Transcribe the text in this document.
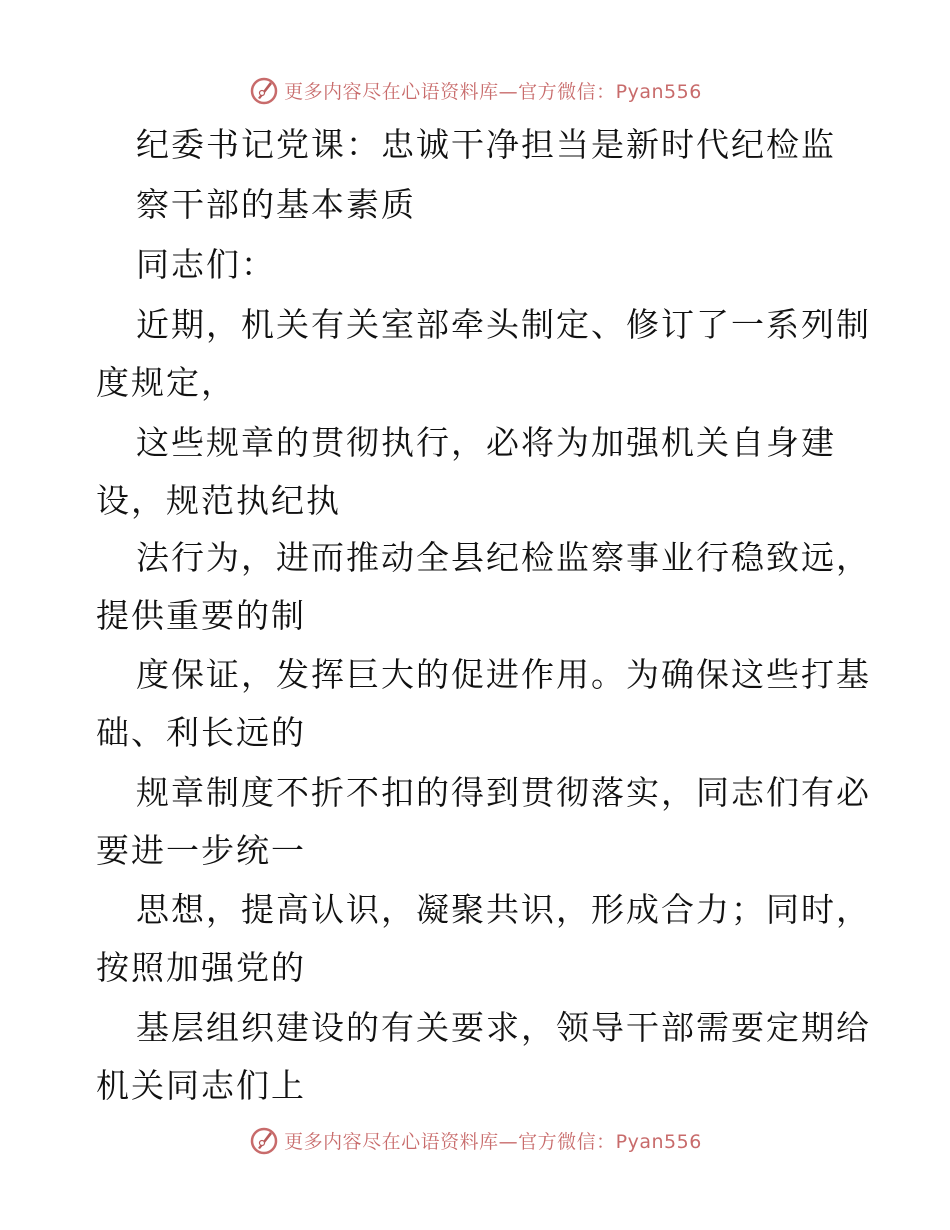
更多内容尽在心语资料库—官方微信：Pyan556
纪委书记党课：忠诚干净担当是新时代纪检监
察干部的基本素质
同志们：
近期，机关有关室部牵头制定、修订了一系列制
度规定，
这些规章的贯彻执行，必将为加强机关自身建
设，规范执纪执
法行为，进而推动全县纪检监察事业行稳致远，
提供重要的制
度保证，发挥巨大的促进作用。为确保这些打基
础、利长远的
规章制度不折不扣的得到贯彻落实，同志们有必
要进一步统一
思想，提高认识，凝聚共识，形成合力；同时，
按照加强党的
基层组织建设的有关要求，领导干部需要定期给
机关同志们上
更多内容尽在心语资料库—官方微信：Pyan556
